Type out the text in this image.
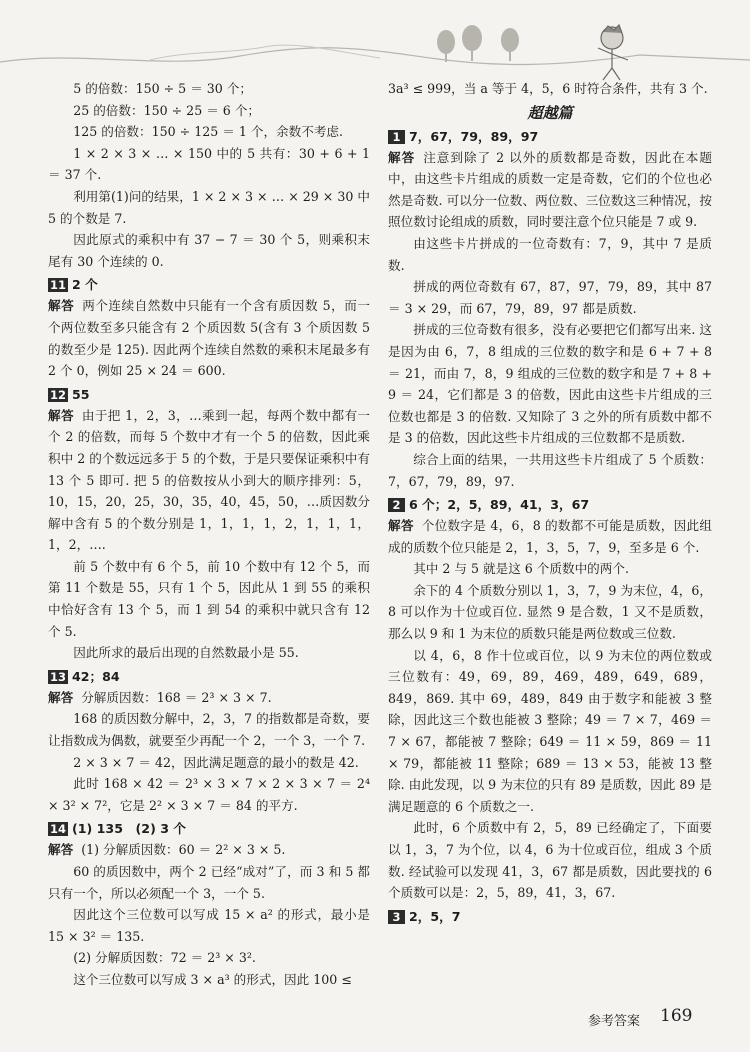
5 的倍数：150 ÷ 5 ＝ 30 个；

25 的倍数：150 ÷ 25 ＝ 6 个；

125 的倍数：150 ÷ 125 ＝ 1 个，余数不考虑.

1 × 2 × 3 × … × 150 中的 5 共有：30 + 6 + 1 ＝ 37 个.

利用第(1)问的结果，1 × 2 × 3 × … × 29 × 30 中 5 的个数是 7.

因此原式的乘积中有 37 − 7 ＝ 30 个 5，则乘积末尾有 30 个连续的 0.

11 2 个

解答 两个连续自然数中只能有一个含有质因数 5，而一个两位数至多只能含有 2 个质因数 5(含有 3 个质因数 5 的数至少是 125). 因此两个连续自然数的乘积末尾最多有 2 个 0，例如 25 × 24 ＝ 600.

12 55

解答 由于把 1，2，3，…乘到一起，每两个数中都有一个 2 的倍数，而每 5 个数中才有一个 5 的倍数，因此乘积中 2 的个数远远多于 5 的个数，于是只要保证乘积中有 13 个 5 即可. 把 5 的倍数按从小到大的顺序排列：5，10，15，20，25，30，35，40，45，50，…质因数分解中含有 5 的个数分别是 1，1，1，1，2，1，1，1，1，2，….

前 5 个数中有 6 个 5，前 10 个数中有 12 个 5，而第 11 个数是 55，只有 1 个 5，因此从 1 到 55 的乘积中恰好含有 13 个 5，而 1 到 54 的乘积中就只含有 12 个 5.

因此所求的最后出现的自然数最小是 55.

13 42；84

解答 分解质因数：168 ＝ 2³ × 3 × 7.

168 的质因数分解中，2，3，7 的指数都是奇数，要让指数成为偶数，就要至少再配一个 2，一个 3，一个 7.

2 × 3 × 7 ＝ 42，因此满足题意的最小的数是 42.

此时 168 × 42 ＝ 2³ × 3 × 7 × 2 × 3 × 7 ＝ 2⁴ × 3² × 7²，它是 2² × 3 × 7 ＝ 84 的平方.

14 (1) 135　(2) 3 个

解答 (1) 分解质因数：60 ＝ 2² × 3 × 5.

60 的质因数中，两个 2 已经“成对”了，而 3 和 5 都只有一个，所以必须配一个 3，一个 5.

因此这个三位数可以写成 15 × a² 的形式，最小是 15 × 3² ＝ 135.

(2) 分解质因数：72 ＝ 2³ × 3².

这个三位数可以写成 3 × a³ 的形式，因此 100 ≤

3a³ ≤ 999，当 a 等于 4，5，6 时符合条件，共有 3 个.

超越篇
1 7，67，79，89，97

解答 注意到除了 2 以外的质数都是奇数，因此在本题中，由这些卡片组成的质数一定是奇数，它们的个位也必然是奇数. 可以分一位数、两位数、三位数这三种情况，按照位数讨论组成的质数，同时要注意个位只能是 7 或 9.

由这些卡片拼成的一位奇数有：7，9，其中 7 是质数.

拼成的两位奇数有 67，87，97，79，89，其中 87 ＝ 3 × 29，而 67，79，89，97 都是质数.

拼成的三位奇数有很多，没有必要把它们都写出来. 这是因为由 6，7，8 组成的三位数的数字和是 6 + 7 + 8 ＝ 21，而由 7，8，9 组成的三位数的数字和是 7 + 8 + 9 ＝ 24，它们都是 3 的倍数，因此由这些卡片组成的三位数也都是 3 的倍数. 又知除了 3 之外的所有质数中都不是 3 的倍数，因此这些卡片组成的三位数都不是质数.

综合上面的结果，一共用这些卡片组成了 5 个质数：7，67，79，89，97.

2 6 个；2，5，89，41，3，67

解答 个位数字是 4，6，8 的数都不可能是质数，因此组成的质数个位只能是 2，1，3，5，7，9，至多是 6 个.

其中 2 与 5 就是这 6 个质数中的两个.

余下的 4 个质数分别以 1，3，7，9 为末位，4，6，8 可以作为十位或百位. 显然 9 是合数，1 又不是质数，那么以 9 和 1 为末位的质数只能是两位数或三位数.

以 4，6，8 作十位或百位，以 9 为末位的两位数或三位数有：49，69，89，469，489，649，689，849，869. 其中 69，489，849 由于数字和能被 3 整除，因此这三个数也能被 3 整除；49 ＝ 7 × 7，469 ＝ 7 × 67，都能被 7 整除；649 ＝ 11 × 59，869 ＝ 11 × 79，都能被 11 整除；689 ＝ 13 × 53，能被 13 整除. 由此发现，以 9 为末位的只有 89 是质数，因此 89 是满足题意的 6 个质数之一.

此时，6 个质数中有 2，5，89 已经确定了，下面要以 1，3，7 为个位，以 4，6 为十位或百位，组成 3 个质数. 经试验可以发现 41，3，67 都是质数，因此要找的 6 个质数可以是：2，5，89，41，3，67.

3 2，5，7
参考答案 169
